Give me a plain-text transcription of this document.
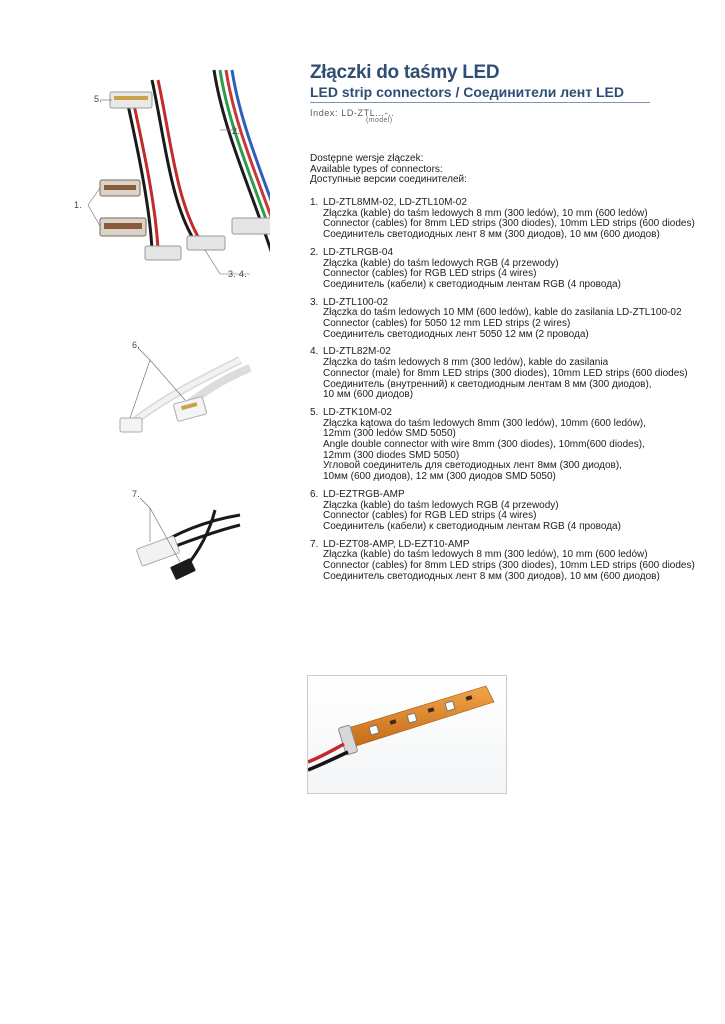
Złączki do taśmy LED
LED strip connectors / Соединители лент LED
Index: LD-ZTL...-..
(model)
Dostępne wersje złączek:
Available types of connectors:
Доступные версии соединителей:
1. LD-ZTL8MM-02, LD-ZTL10M-02
Złączka (kable) do taśm ledowych 8 mm (300 ledów), 10 mm (600 ledów)
Connector (cables) for 8mm LED strips (300 diodes), 10mm LED strips (600 diodes)
Соединитель светодиодных лент 8 мм (300 диодов), 10 мм (600 диодов)
2. LD-ZTLRGB-04
Złączka (kable) do taśm ledowych RGB (4 przewody)
Connector (cables) for RGB LED strips (4 wires)
Соединитель (кабели) к светодиодным лентам RGB (4 провода)
3. LD-ZTL100-02
Złączka do taśm ledowych 10 MM (600 ledów), kable do zasilania LD-ZTL100-02
Connector (cables) for 5050 12 mm LED strips (2 wires)
Соединитель светодиодных лент 5050 12 мм (2 провода)
4. LD-ZTL82M-02
Złączka do taśm ledowych 8 mm (300 ledów), kable do zasilania
Connector (male) for 8mm LED strips (300 diodes), 10mm LED strips (600 diodes)
Соединитель (внутренний) к светодиодным лентам 8 мм (300 диодов),
10 мм (600 диодов)
5. LD-ZTK10M-02
Złączka kątowa do taśm ledowych 8mm (300 ledów), 10mm (600 ledów),
12mm (300 ledów SMD 5050)
Angle double connector with wire 8mm (300 diodes), 10mm(600 diodes),
12mm (300 diodes SMD 5050)
Угловой соединитель для светодиодных лент 8мм (300 диодов),
10мм (600 диодов), 12 мм (300 диодов SMD 5050)
6. LD-EZTRGB-AMP
Złączka (kable) do taśm ledowych RGB (4 przewody)
Connector (cables) for RGB LED strips (4 wires)
Соединитель (кабели) к светодиодным лентам RGB (4 провода)
7. LD-EZT08-AMP, LD-EZT10-AMP
Złączka (kable) do taśm ledowych 8 mm (300 ledów), 10 mm (600 ledów)
Connector (cables) for 8mm LED strips (300 diodes), 10mm LED strips (600 diodes)
Соединитель светодиодных лент 8 мм (300 диодов), 10 мм (600 диодов)
5.
2.
1.
3. 4.
6.
7.
